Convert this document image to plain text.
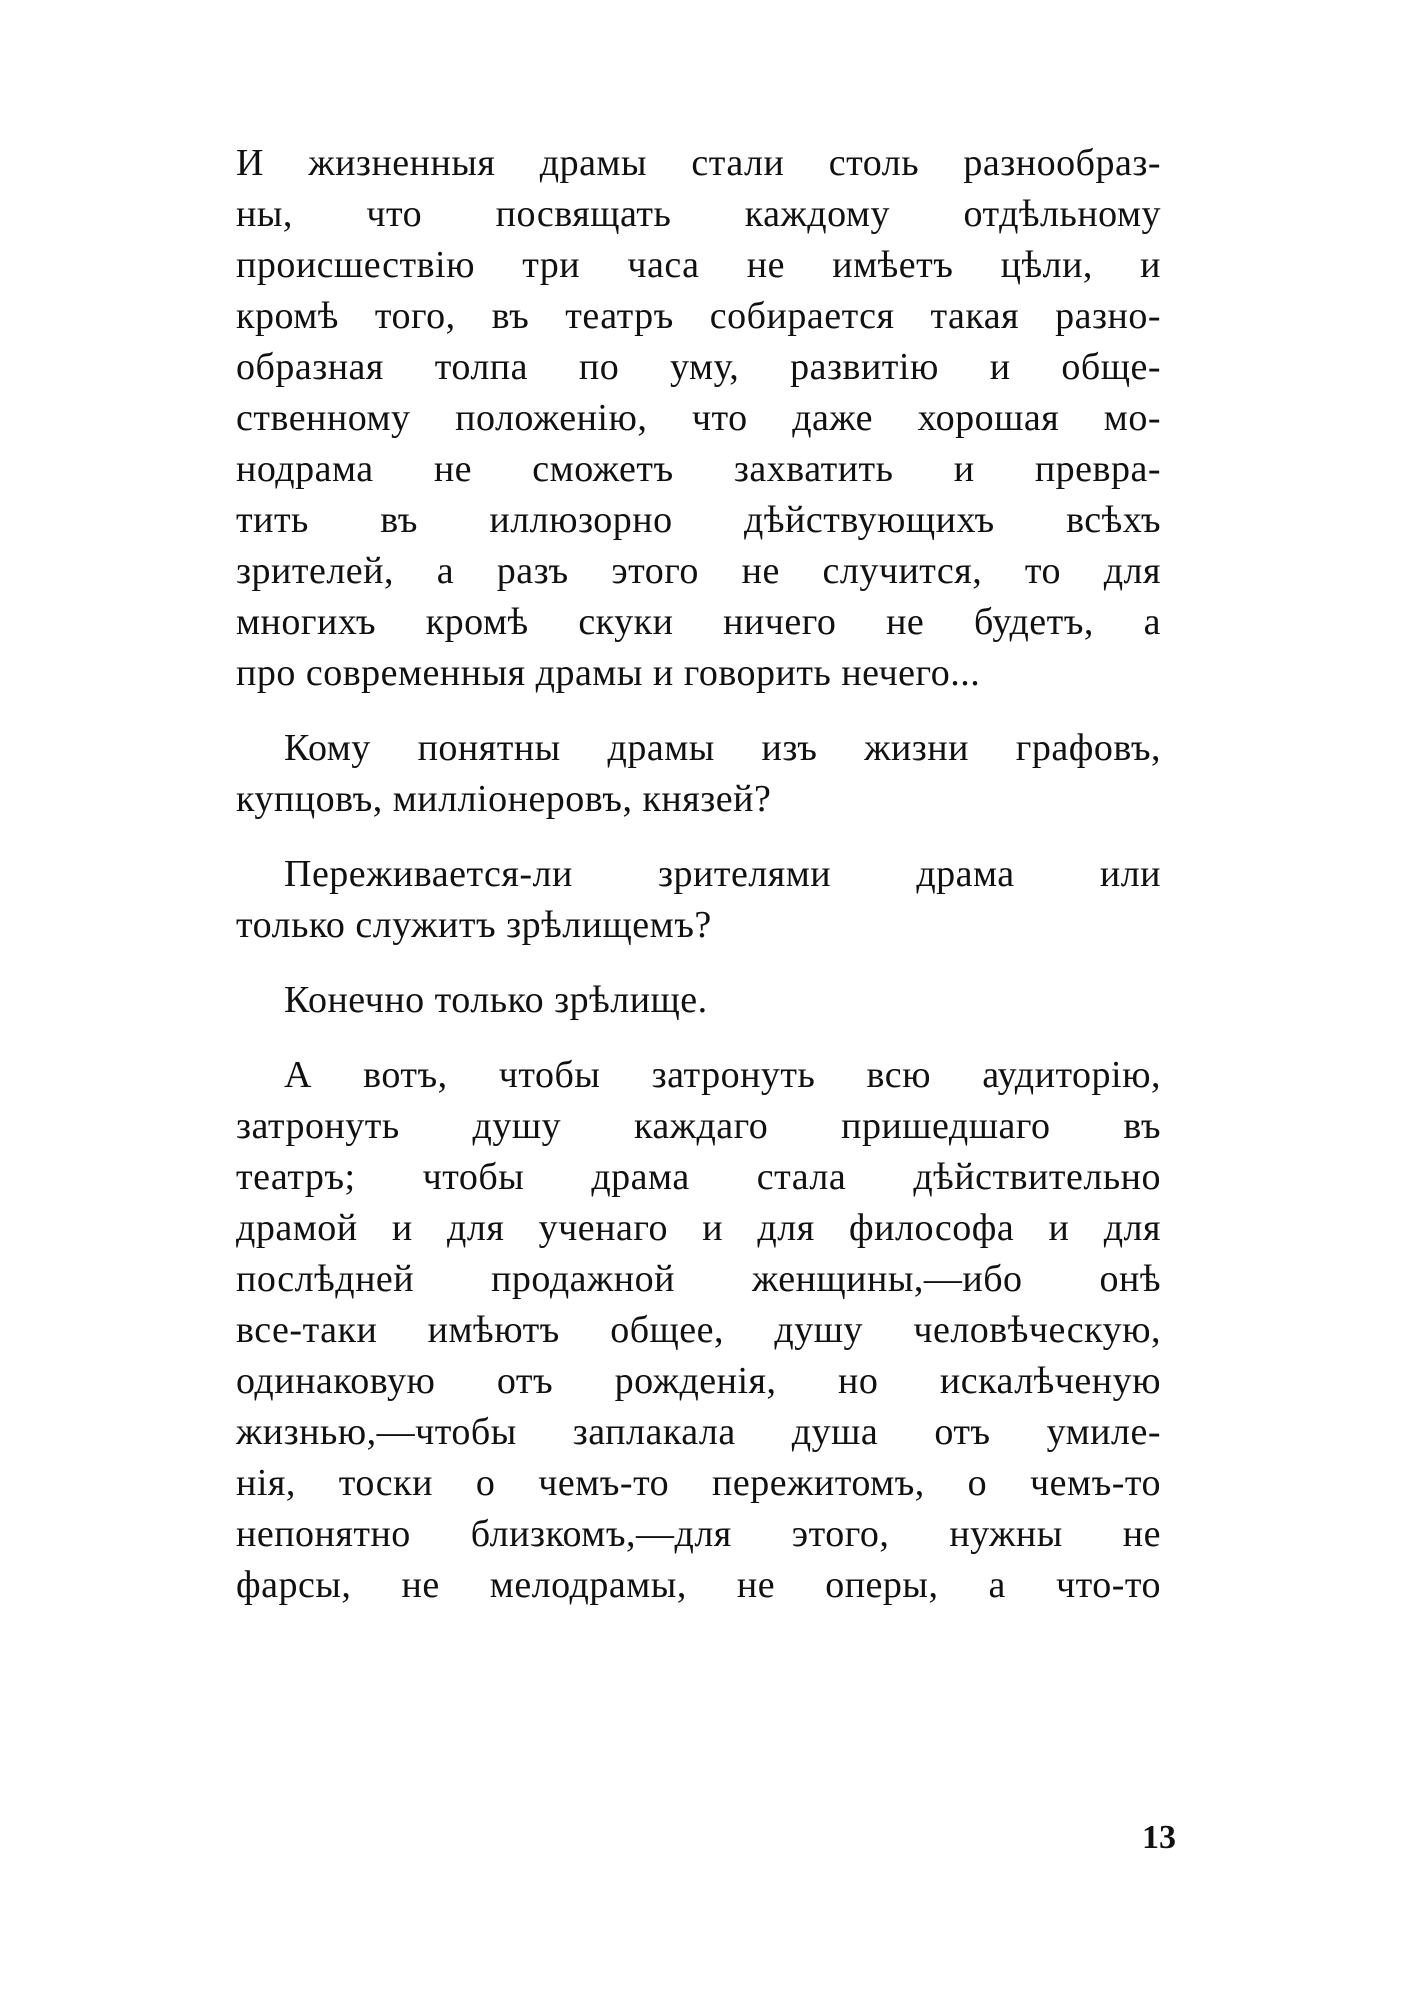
И жизненныя драмы стали столь разнообраз-
ны, что посвящать каждому отдѣльному
происшествію три часа не имѣетъ цѣли, и
кромѣ того, въ театръ собирается такая разно-
образная толпа по уму, развитію и обще-
ственному положенію, что даже хорошая мо-
нодрама не сможетъ захватить и превра-
тить въ иллюзорно дѣйствующихъ всѣхъ
зрителей, а разъ этого не случится, то для
многихъ кромѣ скуки ничего не будетъ, а
про современныя драмы и говорить нечего...
Кому понятны драмы изъ жизни графовъ,
купцовъ, милліонеровъ, князей?
Переживается-ли зрителями драма или
только служитъ зрѣлищемъ?
Конечно только зрѣлище.
А вотъ, чтобы затронуть всю аудиторію,
затронуть душу каждаго пришедшаго въ
театръ; чтобы драма стала дѣйствительно
драмой и для ученаго и для философа и для
послѣдней продажной женщины,—ибо онѣ
все-таки имѣютъ общее, душу человѣческую,
одинаковую отъ рожденія, но искалѣченую
жизнью,—чтобы заплакала душа отъ умиле-
нія, тоски о чемъ-то пережитомъ, о чемъ-то
непонятно близкомъ,—для этого, нужны не
фарсы, не мелодрамы, не оперы, а что-то
13
